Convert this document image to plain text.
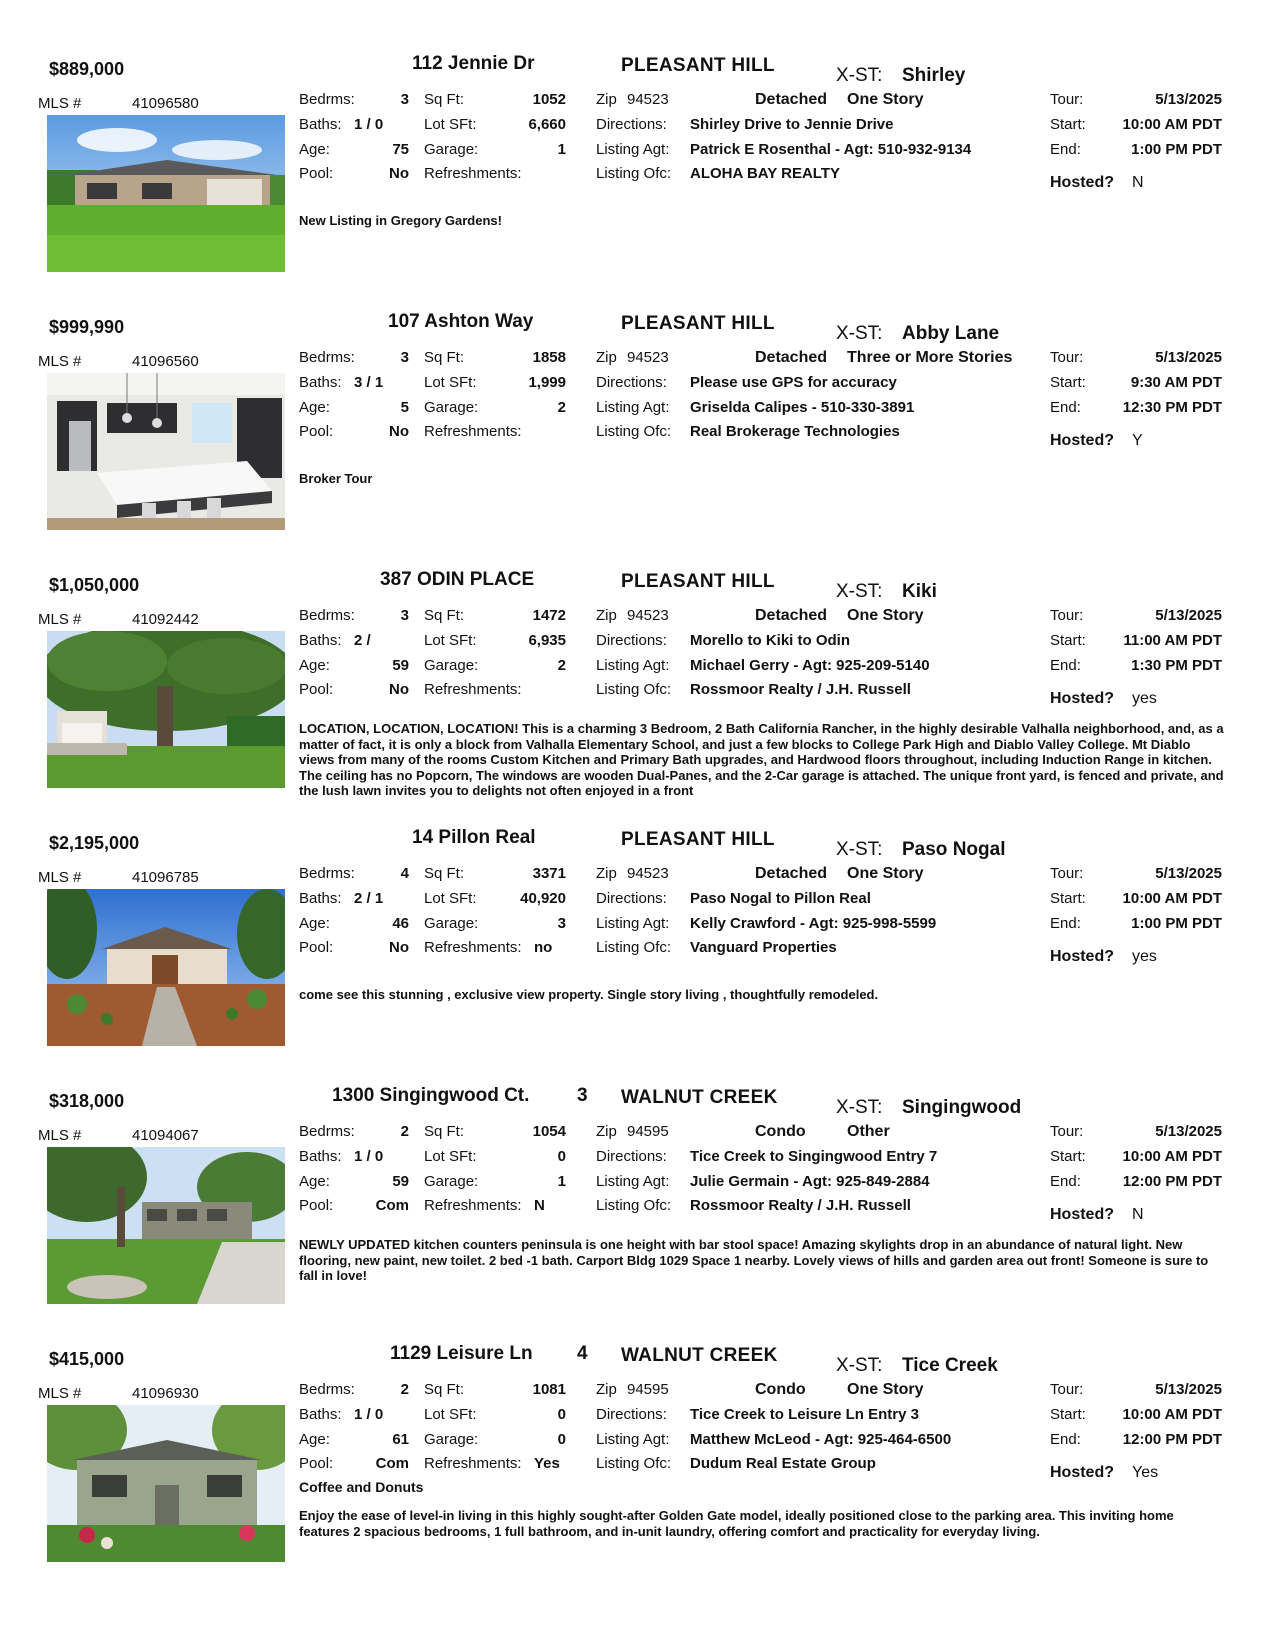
$889,000	112 Jennie Dr	PLEASANT HILL	X-ST: Shirley
MLS #	41096580	Bedrms:	3
Baths: 1 / 0
Age:	75
Pool:	No
Sq Ft:	1052
Lot SFt:	6,660
Garage:	1
Refreshments:
Zip 94523	Detached One Story
Directions: Shirley Drive to Jennie Drive
Listing Agt: Patrick E Rosenthal - Agt: 510-932-9134
Listing Ofc: ALOHA BAY REALTY
Tour:	5/13/2025
Start: 10:00 AM PDT
End:	1:00 PM PDT
Hosted? N
New Listing in Gregory Gardens!
$999,990	107 Ashton Way	PLEASANT HILL	X-ST: Abby Lane
MLS #	41096560	Bedrms:	3
Baths: 3 / 1
Age:	5
Pool:	No
Sq Ft:	1858
Lot SFt:	1,999
Garage:	2
Refreshments:
Zip 94523	Detached Three or More Stories
Directions: Please use GPS for accuracy
Listing Agt: Griselda Calipes - 510-330-3891
Listing Ofc: Real Brokerage Technologies
Tour:	5/13/2025
Start:	9:30 AM PDT
End:	12:30 PM PDT
Hosted? Y
Broker Tour
$1,050,000	387 ODIN PLACE	PLEASANT HILL	X-ST: Kiki
MLS #	41092442	Bedrms:	3
Baths: 2 /
Age:	59
Pool:	No
Sq Ft:	1472
Lot SFt:	6,935
Garage:	2
Refreshments:
Zip 94523	Detached One Story
Directions: Morello to Kiki to Odin
Listing Agt: Michael Gerry - Agt: 925-209-5140
Listing Ofc: Rossmoor Realty / J.H. Russell
Tour:	5/13/2025
Start: 11:00 AM PDT
End:	1:30 PM PDT
Hosted? yes
LOCATION, LOCATION, LOCATION! This is a charming 3 Bedroom, 2 Bath California Rancher, in the highly desirable Valhalla neighborhood, and, as a matter of fact, it is only a block from Valhalla Elementary School, and just a few blocks to College Park High and Diablo Valley College. Mt Diablo views from many of the rooms Custom Kitchen and Primary Bath upgrades, and Hardwood floors throughout, including Induction Range in kitchen. The ceiling has no Popcorn, The windows are wooden Dual-Panes, and the 2-Car garage is attached. The unique front yard, is fenced and private, and the lush lawn invites you to delights not often enjoyed in a front
$2,195,000	14 Pillon Real	PLEASANT HILL	X-ST: Paso Nogal
MLS #	41096785	Bedrms:	4
Baths: 2 / 1
Age:	46
Pool:	No
Sq Ft:	3371
Lot SFt:	40,920
Garage:	3
Refreshments: no
Zip 94523	Detached One Story
Directions: Paso Nogal to Pillon Real
Listing Agt: Kelly Crawford - Agt: 925-998-5599
Listing Ofc: Vanguard Properties
Tour:	5/13/2025
Start: 10:00 AM PDT
End:	1:00 PM PDT
Hosted? yes
come see this stunning , exclusive view property. Single story living , thoughtfully remodeled.
$318,000	1300 Singingwood Ct.	3 WALNUT CREEK	X-ST: Singingwood
MLS #	41094067	Bedrms:	2
Baths: 1 / 0
Age:	59
Pool:	Com
Sq Ft:	1054
Lot SFt:	0
Garage:	1
Refreshments: N
Zip 94595	Condo	Other
Directions: Tice Creek to Singingwood Entry 7
Listing Agt: Julie Germain - Agt: 925-849-2884
Listing Ofc: Rossmoor Realty / J.H. Russell
Tour:	5/13/2025
Start: 10:00 AM PDT
End:	12:00 PM PDT
Hosted? N
NEWLY UPDATED kitchen counters peninsula is one height with bar stool space! Amazing skylights drop in an abundance of natural light. New flooring, new paint, new toilet. 2 bed -1 bath. Carport Bldg 1029 Space 1 nearby. Lovely views of hills and garden area out front! Someone is sure to fall in love!
$415,000	1129 Leisure Ln 4 WALNUT CREEK	X-ST: Tice Creek
MLS #	41096930	Bedrms:	2
Baths: 1 / 0
Age:	61
Pool:	Com
Sq Ft:	1081
Lot SFt:	0
Garage:	0
Refreshments: Yes
Zip 94595	Condo	One Story
Directions: Tice Creek to Leisure Ln Entry 3
Listing Agt: Matthew McLeod - Agt: 925-464-6500
Listing Ofc: Dudum Real Estate Group
Tour:	5/13/2025
Start: 10:00 AM PDT
End:	12:00 PM PDT
Hosted? Yes
Coffee and Donuts
Enjoy the ease of level-in living in this highly sought-after Golden Gate model, ideally positioned close to the parking area. This inviting home features 2 spacious bedrooms, 1 full bathroom, and in-unit laundry, offering comfort and practicality for everyday living.
